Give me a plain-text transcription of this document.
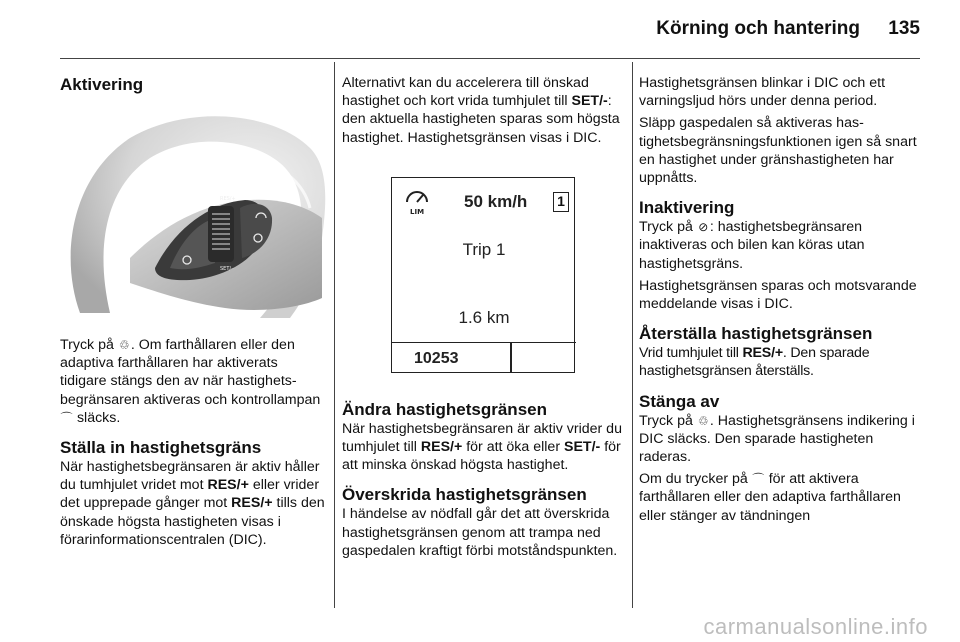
Körning och hantering	135
Aktivering
RES/+
SET/–

Tryck på ♲. Om farthållaren eller den adaptiva farthållaren har aktiverats tidigare stängs den av när hastighetsbegränsaren aktiveras och kontrollampan ⌒ släcks.

Ställa in hastighetsgräns

När hastighetsbegränsaren är aktiv håller du tumhjulet vridet mot RES/+ eller vrider det upprepade gånger mot RES/+ tills den önskade högsta hastigheten visas i förarinformationscentralen (DIC).

Alternativt kan du accelerera till önskad hastighet och kort vrida tumhjulet till SET/-: den aktuella hastigheten sparas som högsta hastighet. Hastighetsgränsen visas i DIC.

LIM
50 km/h 1
Trip 1
1.6 km
10253
Ändra hastighetsgränsen

När hastighetsbegränsaren är aktiv vrider du tumhjulet till RES/+ för att öka eller SET/- för att minska önskad högsta hastighet.

Överskrida hastighetsgränsen

I händelse av nödfall går det att överskrida hastighetsgränsen genom att trampa ned gaspedalen kraftigt förbi motståndspunkten.

Hastighetsgränsen blinkar i DIC och ett varningsljud hörs under denna period.

Släpp gaspedalen så aktiveras hastighetsbegränsningsfunktionen igen så snart en hastighet under gränshastigheten har uppnåtts.

Inaktivering

Tryck på ⊘: hastighetsbegränsaren inaktiveras och bilen kan köras utan hastighetsgräns.

Hastighetsgränsen sparas och motsvarande meddelande visas i DIC.

Återställa hastighetsgränsen

Vrid tumhjulet till RES/+. Den sparade hastighetsgränsen återställs.

Stänga av

Tryck på ♲. Hastighetsgränsens indikering i DIC släcks. Den sparade hastigheten raderas.

Om du trycker på ⌒ för att aktivera farthållaren eller den adaptiva farthållaren eller stänger av tändningen

carmanualsonline.info
